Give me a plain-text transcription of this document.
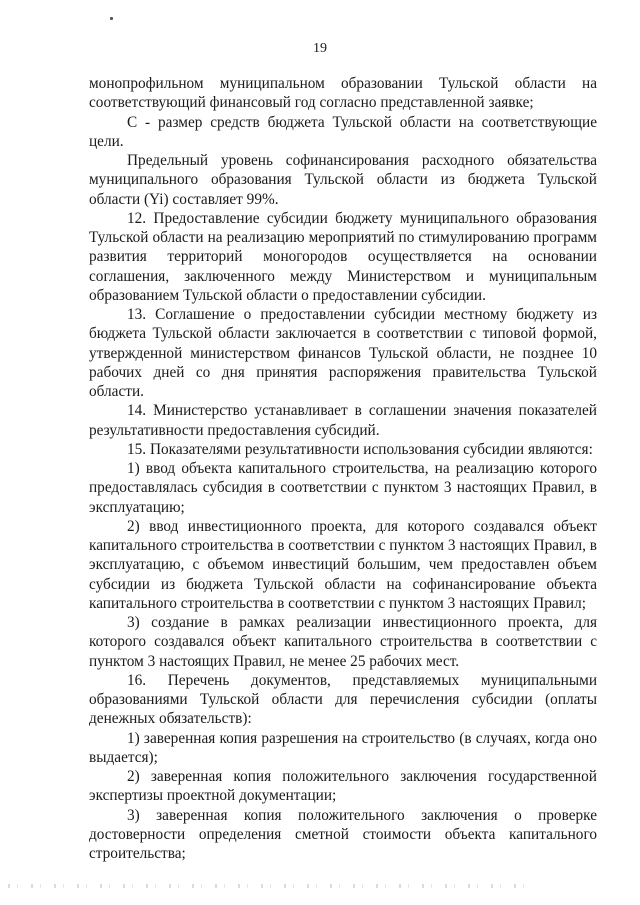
19

монопрофильном муниципальном образовании Тульской области на соответствующий финансовый год согласно представленной заявке;

С - размер средств бюджета Тульской области на соответствующие цели.

Предельный уровень софинансирования расходного обязательства муниципального образования Тульской области из бюджета Тульской области (Yi) составляет 99%.

12. Предоставление субсидии бюджету муниципального образования Тульской области на реализацию мероприятий по стимулированию программ развития территорий моногородов осуществляется на основании соглашения, заключенного между Министерством и муниципальным образованием Тульской области о предоставлении субсидии.

13. Соглашение о предоставлении субсидии местному бюджету из бюджета Тульской области заключается в соответствии с типовой формой, утвержденной министерством финансов Тульской области, не позднее 10 рабочих дней со дня принятия распоряжения правительства Тульской области.

14. Министерство устанавливает в соглашении значения показателей результативности предоставления субсидий.

15. Показателями результативности использования субсидии являются:

1) ввод объекта капитального строительства, на реализацию которого предоставлялась субсидия в соответствии с пунктом 3 настоящих Правил, в эксплуатацию;

2) ввод инвестиционного проекта, для которого создавался объект капитального строительства в соответствии с пунктом 3 настоящих Правил, в эксплуатацию, с объемом инвестиций большим, чем предоставлен объем субсидии из бюджета Тульской области на софинансирование объекта капитального строительства в соответствии с пунктом 3 настоящих Правил;

3) создание в рамках реализации инвестиционного проекта, для которого создавался объект капитального строительства в соответствии с пунктом 3 настоящих Правил, не менее 25 рабочих мест.

16. Перечень документов, представляемых муниципальными образованиями Тульской области для перечисления субсидии (оплаты денежных обязательств):

1) заверенная копия разрешения на строительство (в случаях, когда оно выдается);

2) заверенная копия положительного заключения государственной экспертизы проектной документации;

3) заверенная копия положительного заключения о проверке достоверности определения сметной стоимости объекта капитального строительства;
